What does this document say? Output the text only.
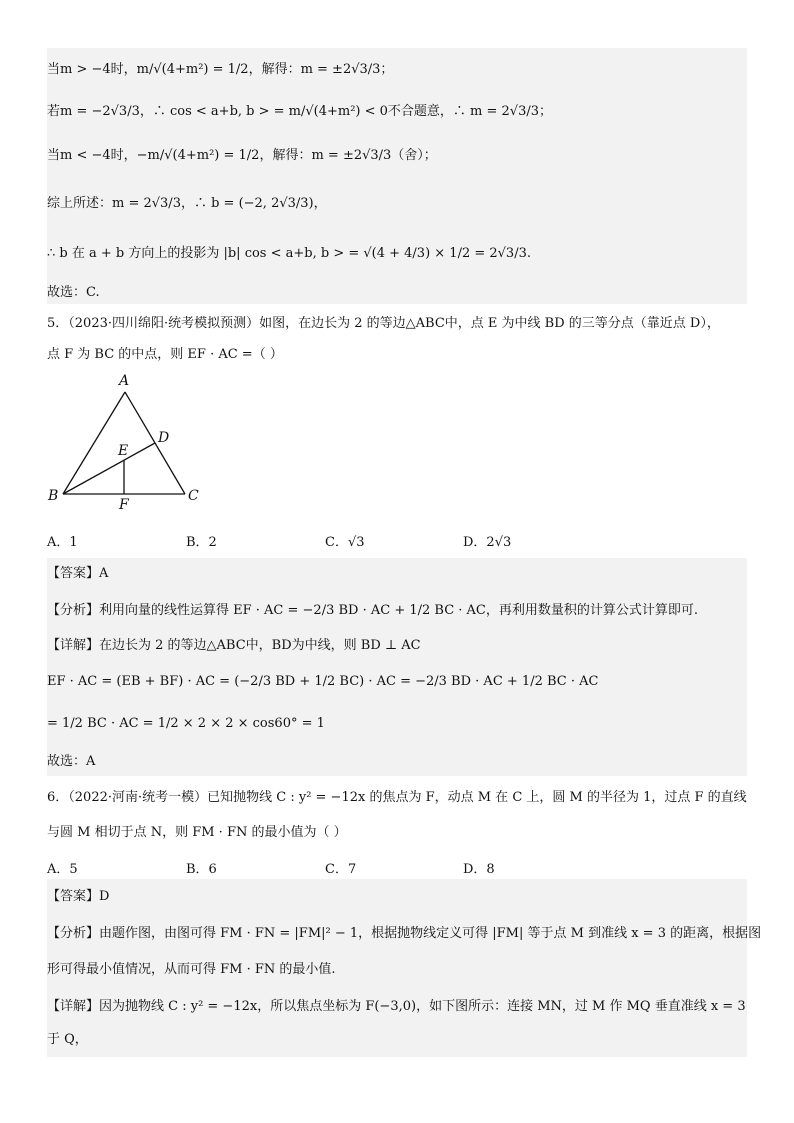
当m > −4时，m/√(4+m²) = 1/2，解得：m = ±2√3/3；
若m = −2√3/3，∴ cos < a+b, b > = m/√(4+m²) < 0不合题意，∴ m = 2√3/3；
当m < −4时，−m/√(4+m²) = 1/2，解得：m = ±2√3/3（舍）；
综上所述：m = 2√3/3，∴ b = (−2, 2√3/3)，
∴ b 在 a + b 方向上的投影为 |b| cos < a+b, b > = √(4 + 4/3) × 1/2 = 2√3/3.
故选：C.
5．（2023·四川绵阳·统考模拟预测）如图，在边长为 2 的等边△ABC中，点 E 为中线 BD 的三等分点（靠近点 D），
点 F 为 BC 的中点，则 EF · AC =（ ）
A
B	C
D
E
F
A．1	B．2	C．√3	D．2√3
【答案】A
【分析】利用向量的线性运算得 EF · AC = −2/3 BD · AC + 1/2 BC · AC，再利用数量积的计算公式计算即可.
【详解】在边长为 2 的等边△ABC中，BD为中线，则 BD ⊥ AC
EF · AC = (EB + BF) · AC = (−2/3 BD + 1/2 BC) · AC = −2/3 BD · AC + 1/2 BC · AC
= 1/2 BC · AC = 1/2 × 2 × 2 × cos60° = 1
故选：A
6．（2022·河南·统考一模）已知抛物线 C : y² = −12x 的焦点为 F，动点 M 在 C 上，圆 M 的半径为 1，过点 F 的直线
与圆 M 相切于点 N，则 FM · FN 的最小值为（ ）
A．5	B．6	C．7	D．8
【答案】D
【分析】由题作图，由图可得 FM · FN = |FM|² − 1，根据抛物线定义可得 |FM| 等于点 M 到准线 x = 3 的距离，根据图
形可得最小值情况，从而可得 FM · FN 的最小值.
【详解】因为抛物线 C : y² = −12x，所以焦点坐标为 F(−3,0)，如下图所示：连接 MN，过 M 作 MQ 垂直准线 x = 3
于 Q，
